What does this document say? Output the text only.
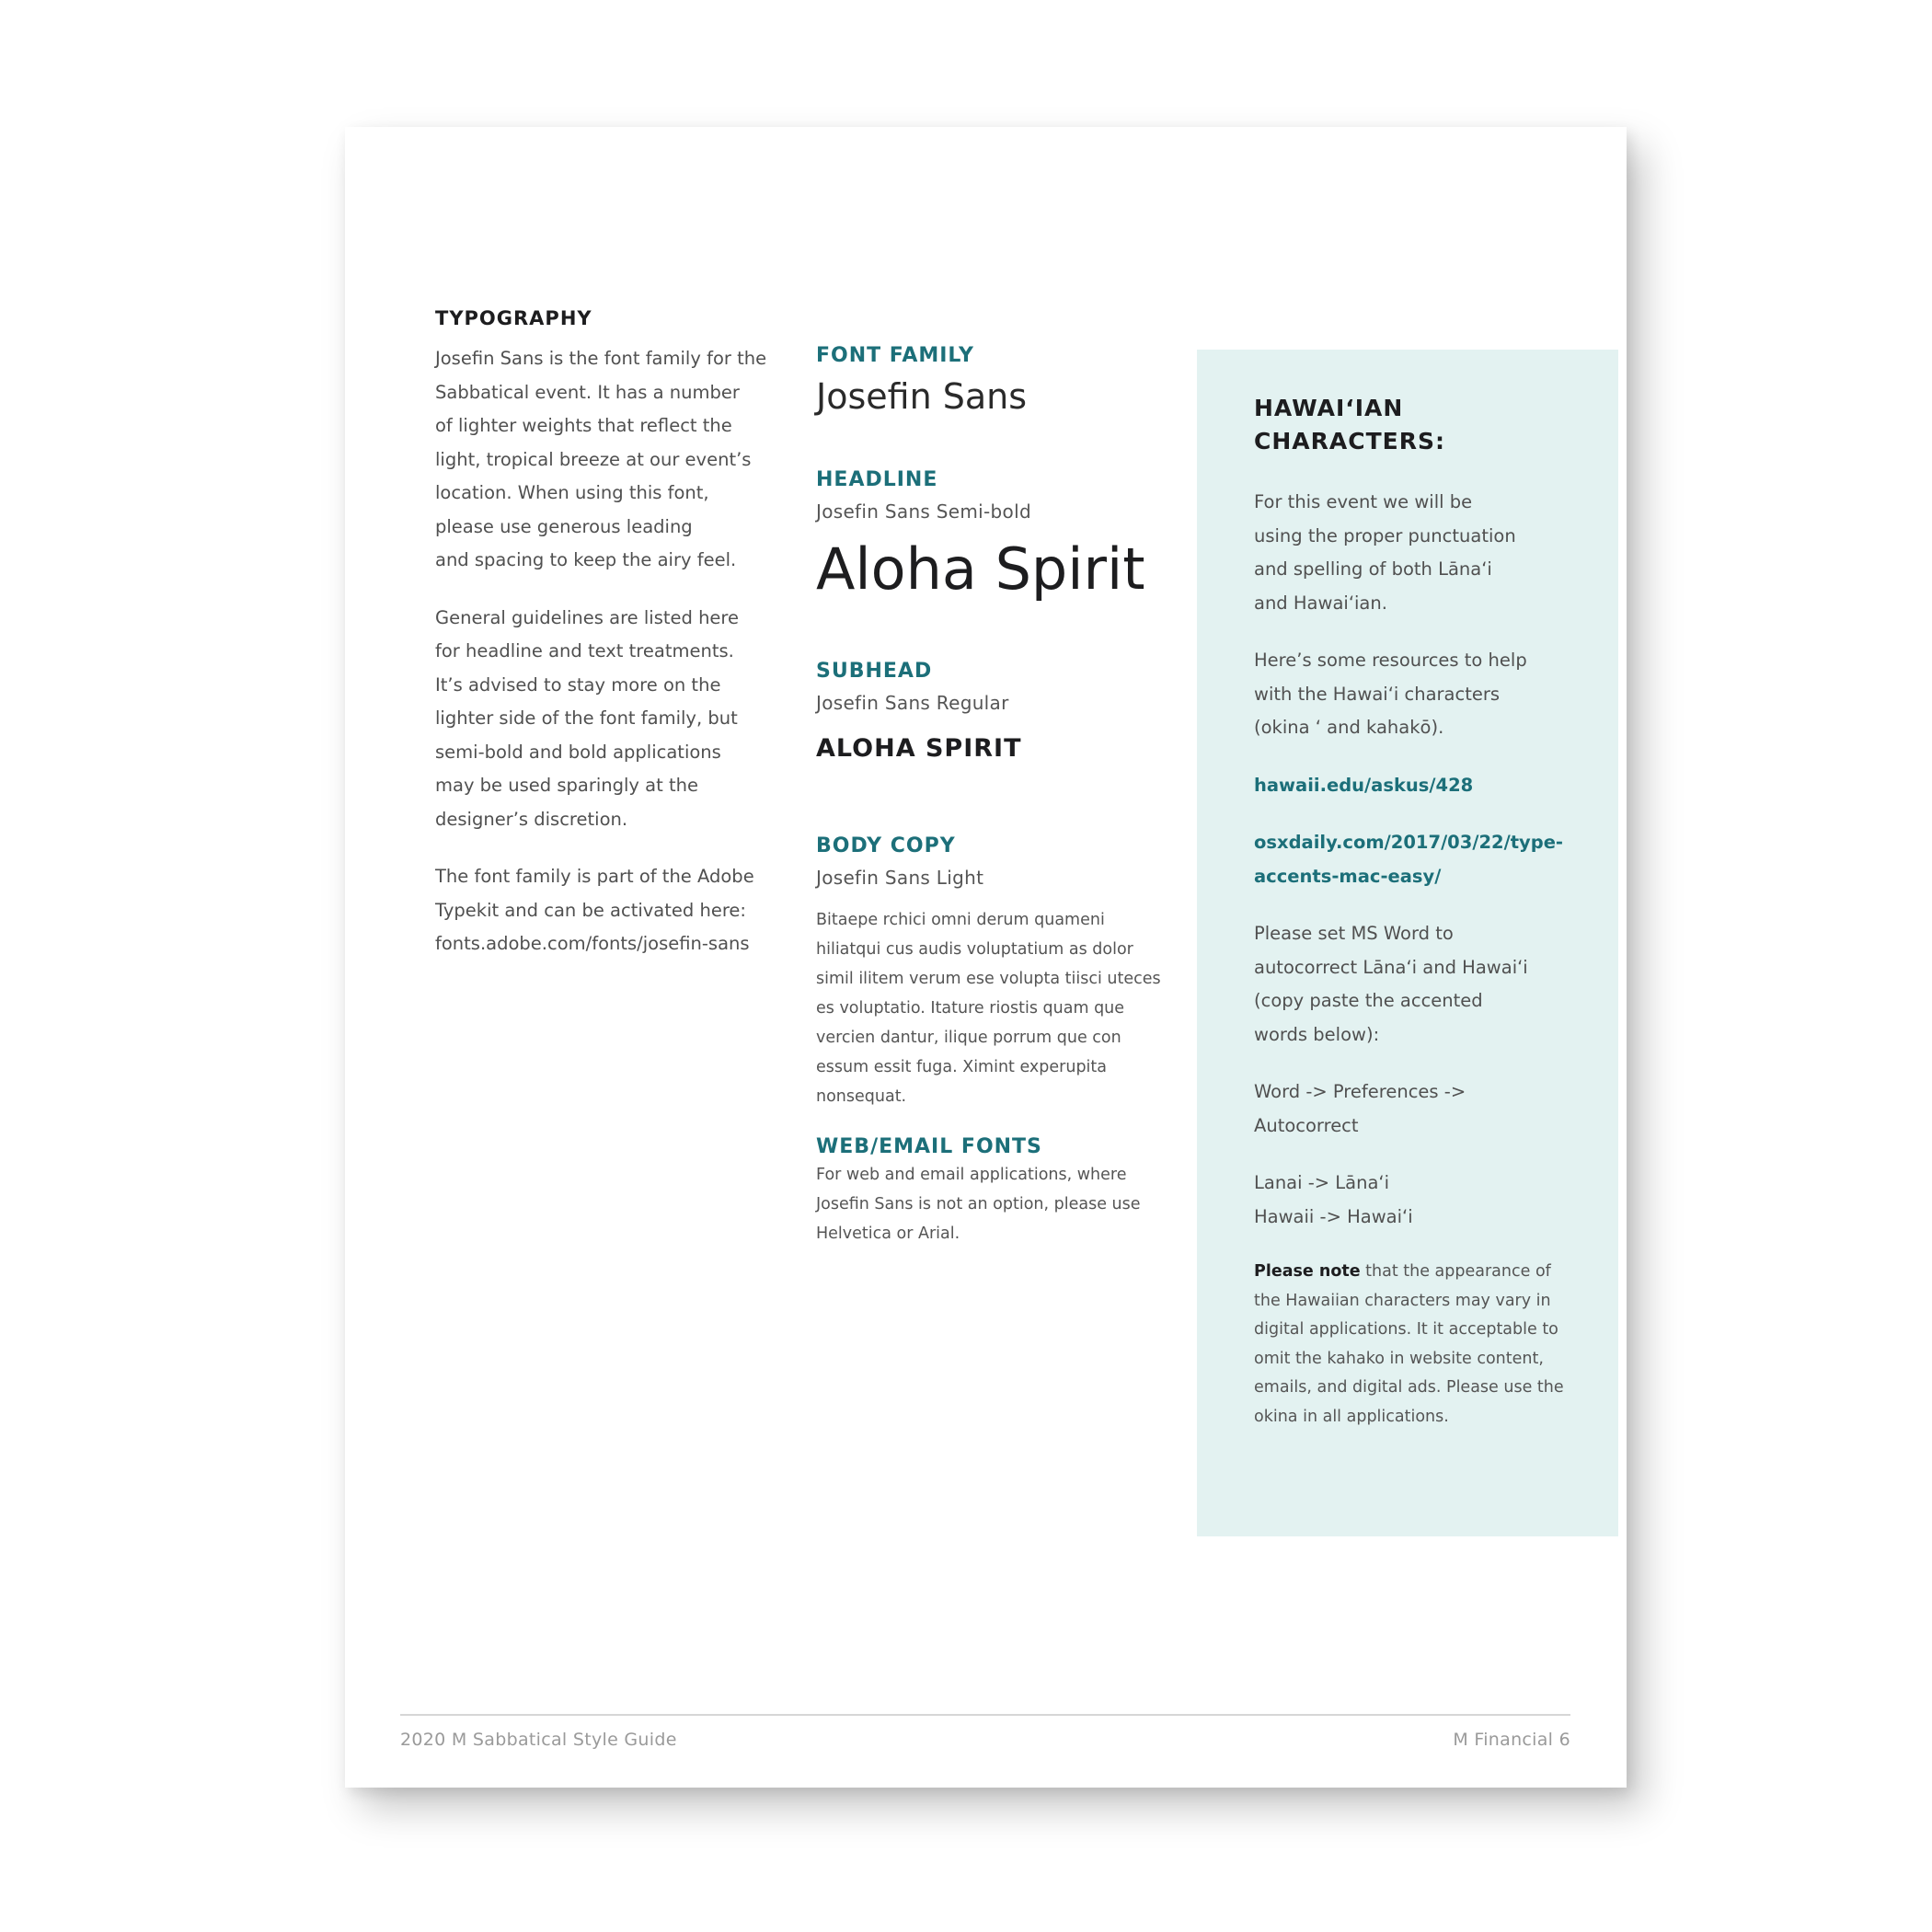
TYPOGRAPHY

Josefin Sans is the font family for the
Sabbatical event. It has a number
of lighter weights that reflect the
light, tropical breeze at our event’s
location. When using this font,
please use generous leading
and spacing to keep the airy feel.

General guidelines are listed here
for headline and text treatments.
It’s advised to stay more on the
lighter side of the font family, but
semi-bold and bold applications
may be used sparingly at the
designer’s discretion.

The font family is part of the Adobe
Typekit and can be activated here:
fonts.adobe.com/fonts/josefin-sans

FONT FAMILY

Josefin Sans

HEADLINE

Josefin Sans Semi-bold

Aloha Spirit

SUBHEAD

Josefin Sans Regular

ALOHA SPIRIT

BODY COPY

Josefin Sans Light

Bitaepe rchici omni derum quameni
hiliatqui cus audis voluptatium as dolor
simil ilitem verum ese volupta tiisci uteces
es voluptatio. Itature riostis quam que
vercien dantur, ilique porrum que con
essum essit fuga. Ximint experupita
nonsequat.

WEB/EMAIL FONTS

For web and email applications, where
Josefin Sans is not an option, please use
Helvetica or Arial.

HAWAI‘IAN
CHARACTERS:

For this event we will be
using the proper punctuation
and spelling of both Lāna‘i
and Hawai‘ian.

Here’s some resources to help
with the Hawai‘i characters
(okina ‘ and kahakō).

hawaii.edu/askus/428

osxdaily.com/2017/03/22/type-
accents-mac-easy/

Please set MS Word to
autocorrect Lāna‘i and Hawai‘i
(copy paste the accented
words below):

Word -> Preferences ->
Autocorrect

Lanai -> Lāna‘i
Hawaii -> Hawai‘i

Please note that the appearance of the Hawaiian characters may vary in digital applications. It it acceptable to omit the kahako in website content, emails, and digital ads. Please use the okina in all applications.

2020 M Sabbatical Style Guide	M Financial 6
